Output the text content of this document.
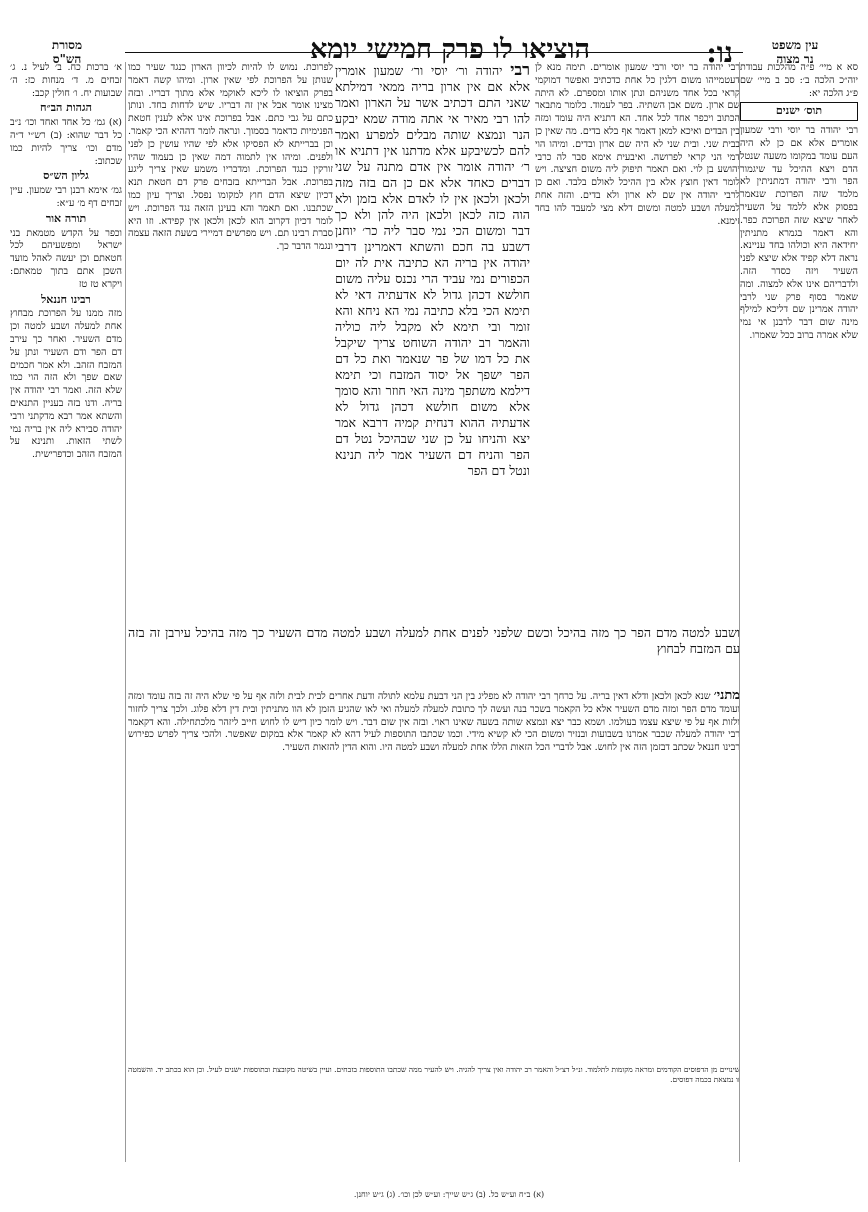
עין משפט
נר מצוה
נו:
הוציאו לו פרק חמישי יומא
מסורת
הש"ס

סא א מיי׳ פ״ה מהלכות עבודת יוה״כ הלכה ב׳: סב ב מיי׳ שם פ״ג הלכה יא:

תוס׳ ישנים

רבי יהודה בר יוסי ורבי שמעון אומרים אלא אם כן לא היה העם עומד במקומו משעה שנטל הדם ויצא ההיכל עד שיגמור הפר ורבי יהודה דמתניתין לא מלמד שזה הפרוכת שנאמר בפסוק אלא ללמד על השעיר לאחר שיצא שזה הפרוכת כפר. והא דאמר בגמרא מתניתין יחידאה היא וכולהו בחד עניינא. נראה דלא קפיד אלא שיצא לפני השעיר ויזה כסדר הזה. ולדבריהם אינו אלא למצוה. ומה שאמר בסוף פרק שני לרבי יהודה אמרינן שם דליכא למילף מינה שום דבר לרבנן אי נמי שלא אמרה ברוב ככל שאמרו.

רבי יהודה בר יוסי ורבי שמעון אומרים. תימה מנא לן דעטמייהו משום דלגין כל אחת כדכתיב ואפשר דמוקמי קראי בכל אחד משניהם ונתן אותו ומספרם. לא היתה שם ארון. משם אבן השתיה. בפר לעמוד. כלומר מתבאר הכתוב ויכפר אחד לכל אחד. הא דתניא היה עומד ומזה בין הבדים ואיכא למאן דאמר אף בלא בדים. מה שאין כן בבית שני. ובית שני לא היה שם ארון ובדים. ומיהו הוי דמי הני קראי לפרושה. ואיבעית אימא סבר לה כרבי יהושע בן לוי. ואם תאמר תיפוק ליה משום חציצה. ויש לומר דאין חוצץ אלא בין ההיכל לאולם בלבד. ואם כן לרבי יהודה אין שם לא ארון ולא בדים. והזה אחת למעלה ושבע למטה ומשום דלא מצי למעבד להו בחד זימנא.

רבי יהודה ור׳ יוסי ור׳ שמעון אומרין אלא אם אין ארון בריה ממאי דמילתא שאני התם דכתיב אשר על הארון ואמר להו רבי מאיר אי אתה מודה שמא יבקע הנר ונמצא שותה מבלים למפרע ואמר להם לכשיבקע אלא מדתנו אין דתניא או ר׳ יהודה אומר אין אדם מתנה על שני דברים כאחד אלא אם כן הם בזה מזה ולכאן ולכאן אין לו לאדם אלא בזמן ולא הוה כזה לכאן ולכאן היה להן ולא כך דבר ומשום הכי נמי סבר ליה כר׳ יוחנן דשבע בה חכם והשתא דאמרינן דרבי יהודה אין בריה הא כתיבה אית לה יום הכפורים נמי עביד הרי נכנס עליה משום חולשא דכהן גדול לא אדעתיה דאי לא תימא הכי בלא כתיבה נמי הא ניחא והא זומר ובי תימא לא מקבל ליה כוליה והאמר רב יהודה השוחט צריך שיקבל את כל דמו של פר שנאמר ואת כל דם הפר ישפך אל יסוד המזבח וכי תימא דילמא משתפך מינה האי חוזר והא סומך אלא משום חולשא דכהן גדול לא אדעתיה ההוא דנחית קמיה דרבא אמר יצא והניחו על כן שני שבהיכל נטל דם הפר והניח דם השעיר אמר ליה תנינא ונטל דם הפר

לפרוכת. נמוש לו להיות לכיוון הארון כנגד שעיר כמו שנותן על הפרוכת לפי שאין ארון. ומיהו קשה דאמר בפרק הוציאו לו ליכא לאוקמי אלא מתוך דבריו. ובזה מצינו אומר אבל אין זה דבריו. שיש לדחות בחד. ונותן כתם על גבי כתם. אבל בפרוכת אינו אלא לענין חטאת הפנימיות כדאמר בסמוך. ונראה לומר דההיא הכי קאמר. וכן בברייתא לא הפסיקו אלא לפי שהיו עושין כן לפני ולפנים. ומיהו אין לתמוה דמה שאין כן בעמוד שהיו זורקין כנגד הפרוכת. ומדבריו משמע שאין צריך ליגע בפרוכת. אבל הברייתא בזבחים פרק דם חטאת תנא דכיון שיצא הדם חוץ למקומו נפסל. וצריך עיון כמו שכתבנו. ואם תאמר והא בעינן הזאה נגד הפרוכת. ויש לומר דכיון דקרוב הוא לכאן ולכאן אין קפידא. וזו היא סברת רבינו תם. ויש מפרשים דמיירי בשעת הזאה עצמה ונגמר הדבר כך.

ושבע למטה מדם הפר כך מזה בהיכל וכשם שלפני לפנים אחת למעלה ושבע למטה מדם השעיר כך מזה בהיכל עירבן זה בזה עם המזבח לבחוץ

מתני׳ שנא לכאן ולכאן ודלא דאין בריה. על כרחך רבי יהודה לא מפליג בין הני דבעת עלמא לתולה ודעת אחרים לבית לבית ולזה אף על פי שלא היה זה בזה עומד ומזה ועומד מדם הפר ומזה מדם השעיר אלא כל הקאמר בשכר בנה ועשה לך כתובת למעלה למעלה ואי לאו שהגיע הזמן לא הוו מתניתין ובית דין דלא פלוג. ולכך צריך לחזור ולזות אף על פי שיצא עצמו בעולמו. ושמא כבר יצא ונמצא שותה בשעה שאינו ראוי. ובזה אין שום דבר. ויש לומר כיון דיש לו לחוש חייב ליזהר מלכתחילה. והא דקאמר רבי יהודה למעלה שכבר אמרנו בשבועות ובנזיר ומשום הכי לא קשיא מידי. וכמו שכתבו התוספות לעיל דהא לא קאמר אלא במקום שאפשר. ולהכי צריך לפרש כפירוש רבינו חננאל שכתב דבזמן הזה אין לחוש. אבל לדברי הכל הזאות הללו אחת למעלה ושבע למטה היו. והוא הדין להזאות השעיר.

א׳ ברכות כח. ב׳ לעיל נ. ג׳ זבחים מ. ד׳ מנחות כז: ה׳ שבועות יח. ו׳ חולין קכב:

הגהות הב״ח

(א) גמ׳ כל אחד ואחד וכו׳ נ״ב כל דבר שהוא: (ב) רש״י ד״ה מדם וכו׳ צריך להיות כמו שכתוב:

גליון הש״ס

גמ׳ אימא רבנן רבי שמעון. עיין זבחים דף מ׳ ע״א:

תורה אור

וכפר על הקדש מטמאת בני ישראל ומפשעיהם לכל חטאתם וכן יעשה לאהל מועד השכן אתם בתוך טמאתם: ויקרא טז טז

רבינו חננאל

מזה ממנו על הפרוכת מבחוץ אחת למעלה ושבע למטה וכן מדם השעיר. ואחר כך עירב דם הפר ודם השעיר ונתן על המזבח הזהב. ולא אמר חכמים שאם שפך ולא הזה הוי כמו שלא הזה. ואמר רבי יהודה אין בריה. ודנו בזה בעניין התנאים והשתא אמר רבא מדקתני ורבי יהודה סבירא ליה אין בריה נמי לשתי הזאות. ותנינא על המזבח הזהב וכדפרישית.

שינויים מן הדפוסים הקודמים ומראה מקומות לתלמוד. ונ״ל דצ״ל והאמר רב יהודה ואין צריך להגיה. ויש להעיר ממה שכתבו התוספות בזבחים. ועיין בשיטה מקובצת ובתוספות ישנים לעיל. וכן הוא בכתב יד. והשמטה זו נמצאת בכמה דפוסים.

(א) ב״ח וע״ש כל. (ב) ג״ש שייך: וע״ש לכן וכו׳. (ג) ג״ש יוחנן.
